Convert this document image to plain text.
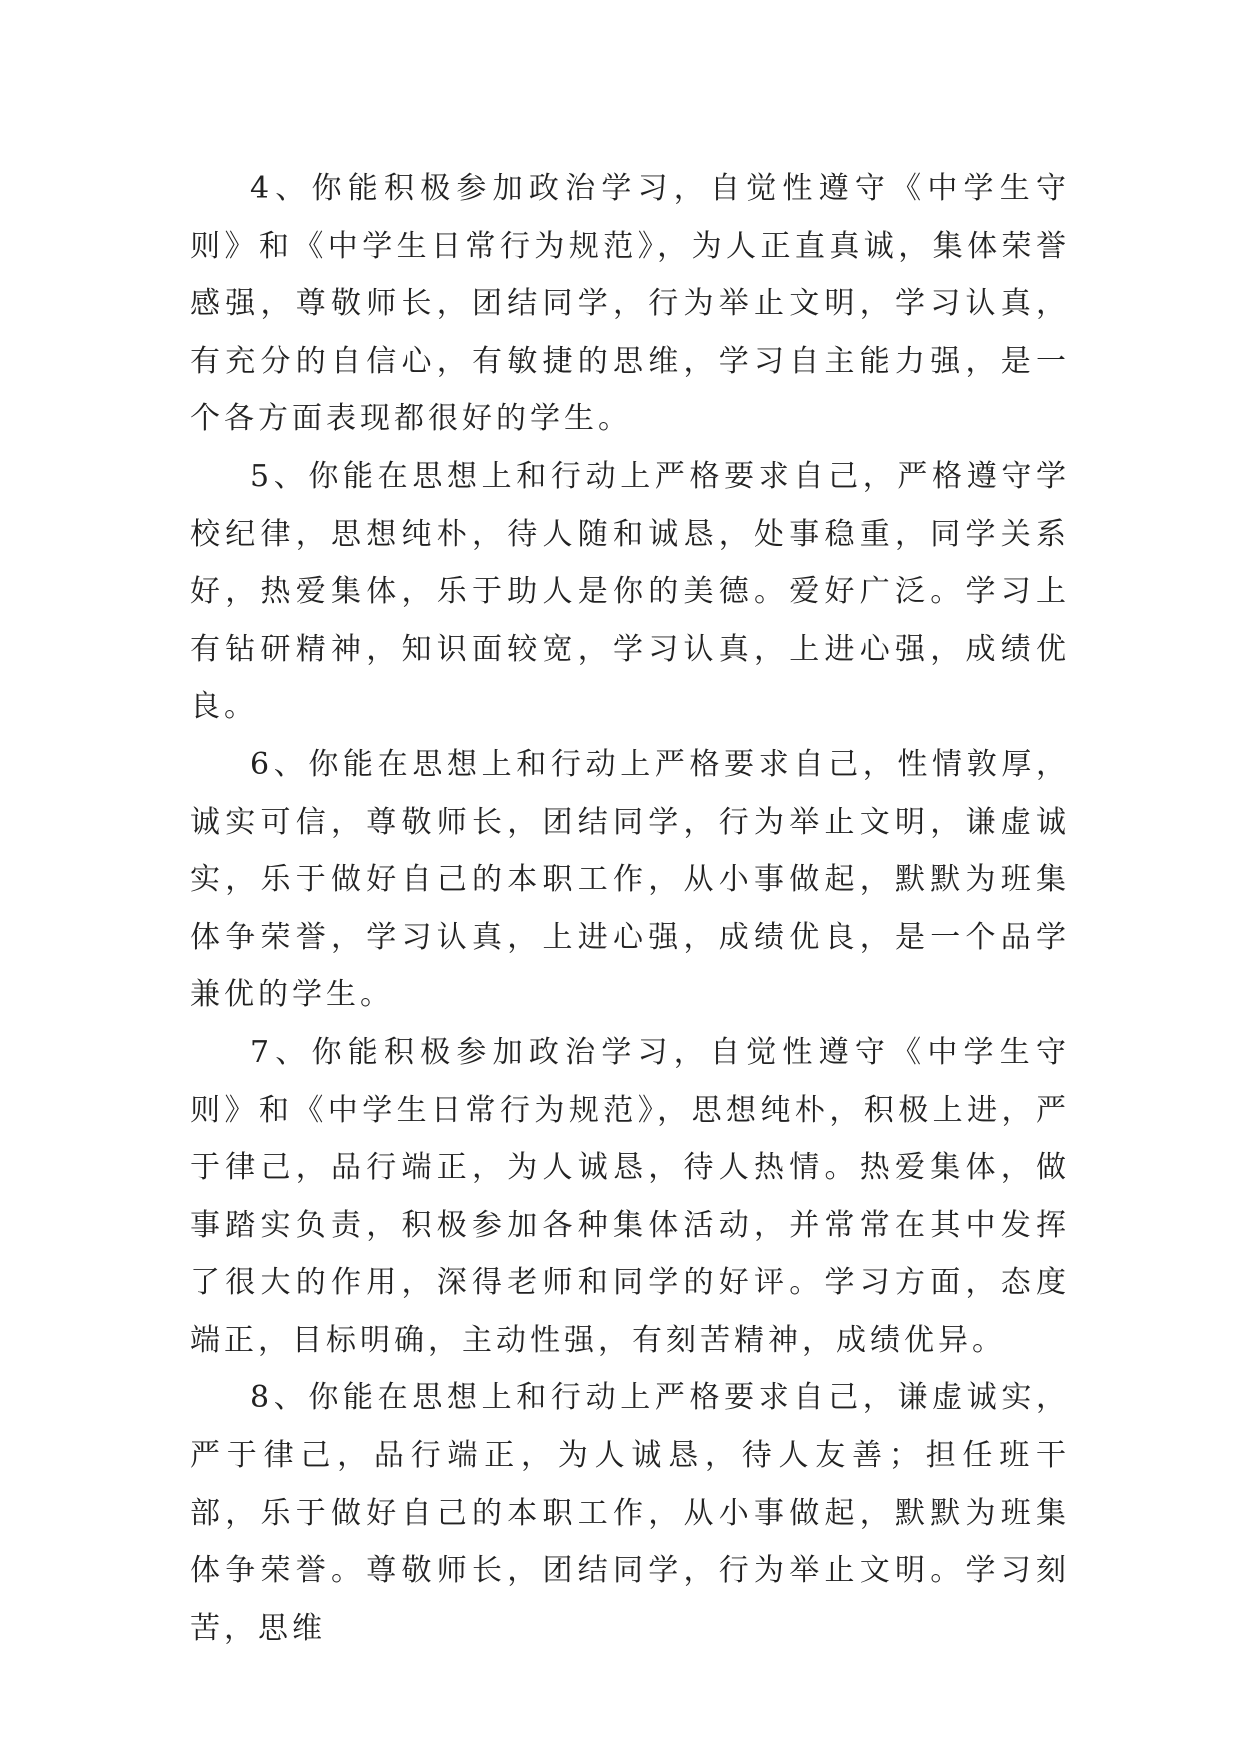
4、你能积极参加政治学习，自觉性遵守《中学生守则》和《中学生日常行为规范》，为人正直真诚，集体荣誉感强，尊敬师长，团结同学，行为举止文明，学习认真，有充分的自信心，有敏捷的思维，学习自主能力强，是一个各方面表现都很好的学生。

5、你能在思想上和行动上严格要求自己，严格遵守学校纪律，思想纯朴，待人随和诚恳，处事稳重，同学关系好，热爱集体，乐于助人是你的美德。爱好广泛。学习上有钻研精神，知识面较宽，学习认真，上进心强，成绩优良。

6、你能在思想上和行动上严格要求自己，性情敦厚，诚实可信，尊敬师长，团结同学，行为举止文明，谦虚诚实，乐于做好自己的本职工作，从小事做起，默默为班集体争荣誉，学习认真，上进心强，成绩优良，是一个品学兼优的学生。

7、你能积极参加政治学习，自觉性遵守《中学生守则》和《中学生日常行为规范》，思想纯朴，积极上进，严于律己，品行端正，为人诚恳，待人热情。热爱集体，做事踏实负责，积极参加各种集体活动，并常常在其中发挥了很大的作用，深得老师和同学的好评。学习方面，态度端正，目标明确，主动性强，有刻苦精神，成绩优异。

8、你能在思想上和行动上严格要求自己，谦虚诚实，严于律己，品行端正，为人诚恳，待人友善；担任班干部，乐于做好自己的本职工作，从小事做起，默默为班集体争荣誉。尊敬师长，团结同学，行为举止文明。学习刻苦，思维
